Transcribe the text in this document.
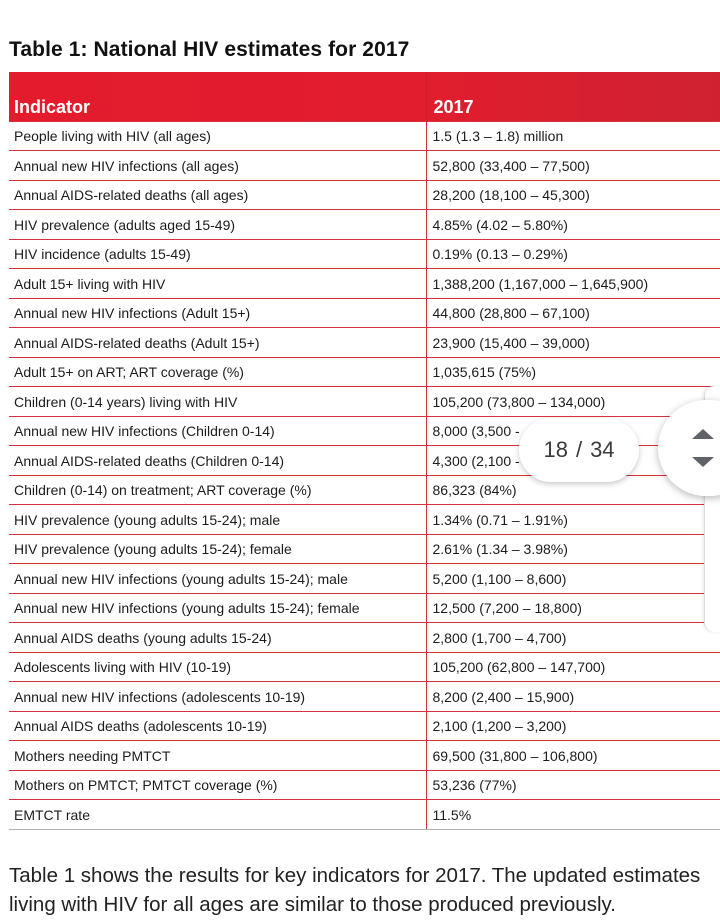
Table 1: National HIV estimates for 2017
Indicator	2017
People living with HIV (all ages)	1.5 (1.3 – 1.8) million
Annual new HIV infections (all ages)	52,800 (33,400 – 77,500)
Annual AIDS-related deaths (all ages)	28,200 (18,100 – 45,300)
HIV prevalence (adults aged 15-49)	4.85% (4.02 – 5.80%)
HIV incidence (adults 15-49)	0.19% (0.13 – 0.29%)
Adult 15+ living with HIV	1,388,200 (1,167,000 – 1,645,900)
Annual new HIV infections (Adult 15+)	44,800 (28,800 – 67,100)
Annual AIDS-related deaths (Adult 15+)	23,900 (15,400 – 39,000)
Adult 15+ on ART; ART coverage (%)	1,035,615 (75%)
Children (0-14 years) living with HIV	105,200 (73,800 – 134,000)
Annual new HIV infections (Children 0-14)	8,000 (3,500 -
Annual AIDS-related deaths (Children 0-14)	4,300 (2,100 -
Children (0-14) on treatment; ART coverage (%)	86,323 (84%)
HIV prevalence (young adults 15-24); male	1.34% (0.71 – 1.91%)
HIV prevalence (young adults 15-24); female	2.61% (1.34 – 3.98%)
Annual new HIV infections (young adults 15-24); male	5,200 (1,100 – 8,600)
Annual new HIV infections (young adults 15-24); female	12,500 (7,200 – 18,800)
Annual AIDS deaths (young adults 15-24)	2,800 (1,700 – 4,700)
Adolescents living with HIV (10-19)	105,200 (62,800 – 147,700)
Annual new HIV infections (adolescents 10-19)	8,200 (2,400 – 15,900)
Annual AIDS deaths (adolescents 10-19)	2,100 (1,200 – 3,200)
Mothers needing PMTCT	69,500 (31,800 – 106,800)
Mothers on PMTCT; PMTCT coverage (%)	53,236 (77%)
EMTCT rate	11.5%

Table 1 shows the results for key indicators for 2017. The updated estimates
living with HIV for all ages are similar to those produced previously.

18 / 34
